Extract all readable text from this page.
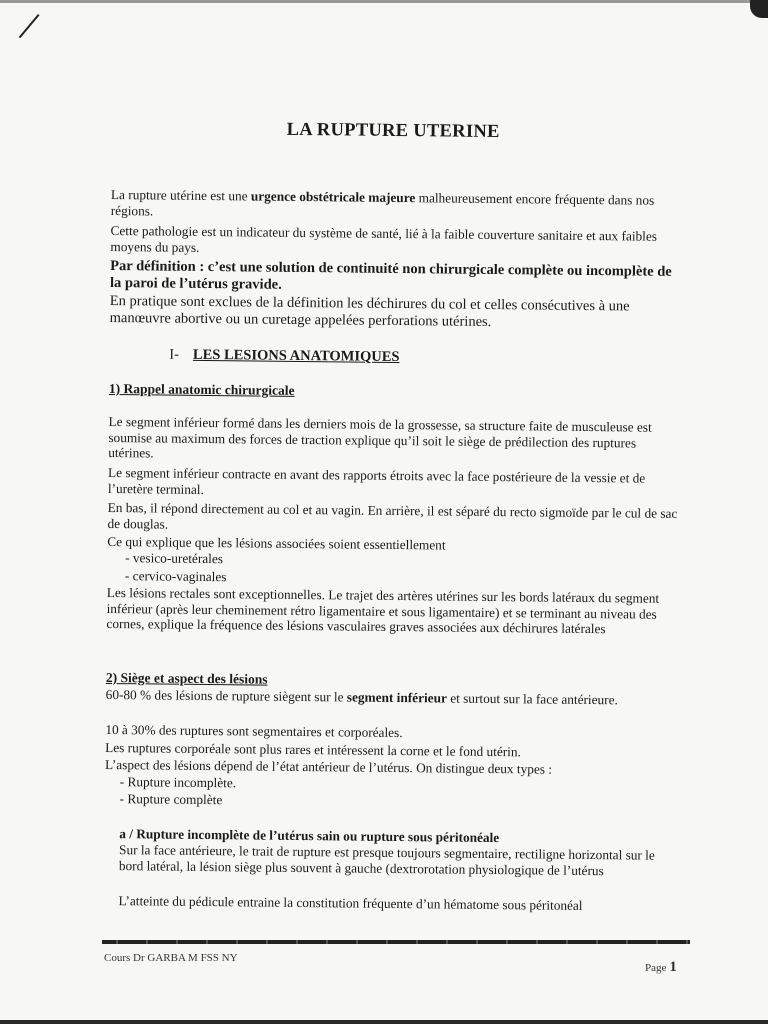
LA RUPTURE UTERINE

La rupture utérine est une urgence obstétricale majeure malheureusement encore fréquente dans nos régions.

Cette pathologie est un indicateur du système de santé, lié à la faible couverture sanitaire et aux faibles moyens du pays.

Par définition : c’est une solution de continuité non chirurgicale complète ou incomplète de la paroi de l’utérus gravide.

En pratique sont exclues de la définition les déchirures du col et celles consécutives à une manœuvre abortive ou un curetage appelées perforations utérines.

I- LES LESIONS ANATOMIQUES
1) Rappel anatomic chirurgicale

Le segment inférieur formé dans les derniers mois de la grossesse, sa structure faite de musculeuse est soumise au maximum des forces de traction explique qu’il soit le siège de prédilection des ruptures utérines.

Le segment inférieur contracte en avant des rapports étroits avec la face postérieure de la vessie et de l’uretère terminal.

En bas, il répond directement au col et au vagin. En arrière, il est séparé du recto sigmoïde par le cul de sac de douglas.

Ce qui explique que les lésions associées soient essentiellement

- vesico-uretérales
- cervico-vaginales

Les lésions rectales sont exceptionnelles. Le trajet des artères utérines sur les bords latéraux du segment inférieur (après leur cheminement rétro ligamentaire et sous ligamentaire) et se terminant au niveau des cornes, explique la fréquence des lésions vasculaires graves associées aux déchirures latérales

2) Siège et aspect des lésions

60-80 % des lésions de rupture siègent sur le segment inférieur et surtout sur la face antérieure.

10 à 30% des ruptures sont segmentaires et corporéales.

Les ruptures corporéale sont plus rares et intéressent la corne et le fond utérin.

L’aspect des lésions dépend de l’état antérieur de l’utérus. On distingue deux types :

- Rupture incomplète.
- Rupture complète
a / Rupture incomplète de l’utérus sain ou rupture sous péritonéale

Sur la face antérieure, le trait de rupture est presque toujours segmentaire, rectiligne horizontal sur le bord latéral, la lésion siège plus souvent à gauche (dextrorotation physiologique de l’utérus

L’atteinte du pédicule entraine la constitution fréquente d’un hématome sous péritonéal

Cours Dr GARBA M FSS NY
Page 1
